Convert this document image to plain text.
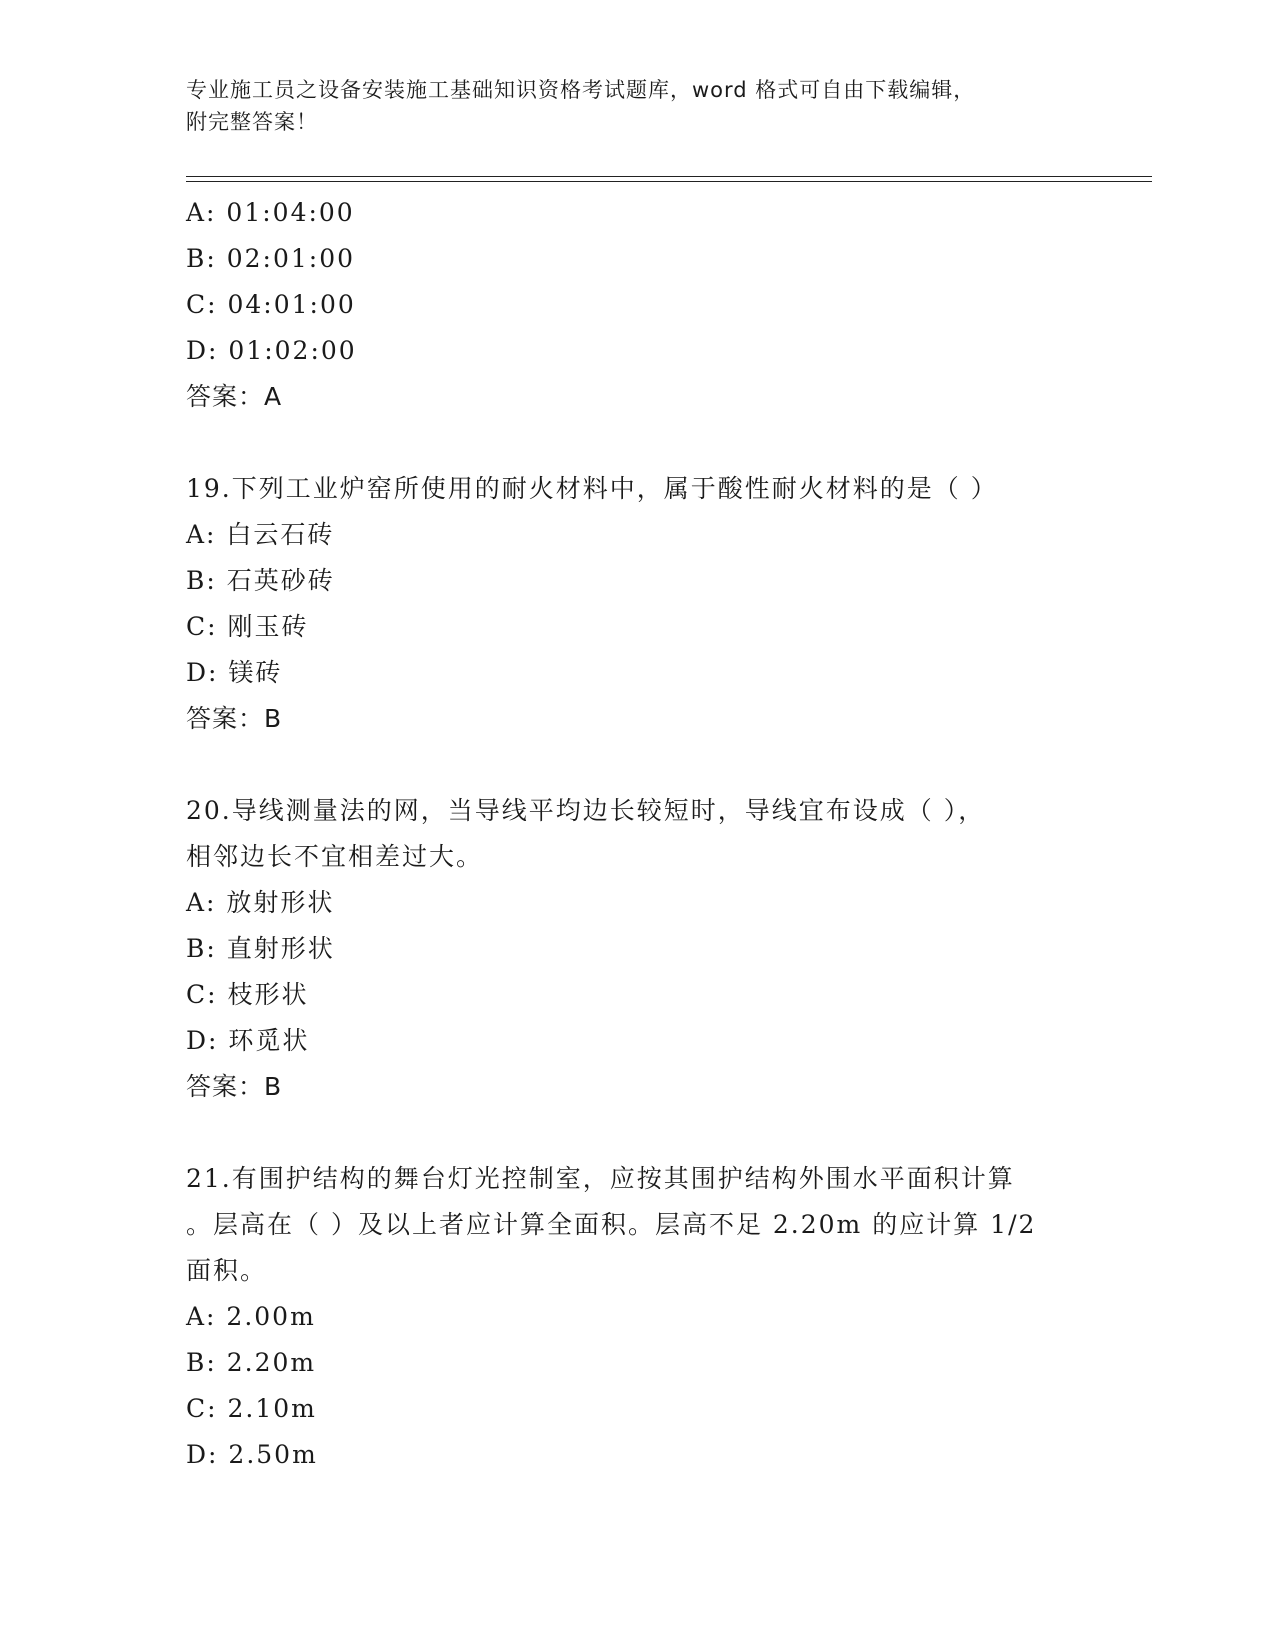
专业施工员之设备安装施工基础知识资格考试题库，word 格式可自由下载编辑，
附完整答案！
A: 01:04:00
B: 02:01:00
C: 04:01:00
D: 01:02:00
答案：A
19.下列工业炉窑所使用的耐火材料中，属于酸性耐火材料的是（ ）
A: 白云石砖
B: 石英砂砖
C: 刚玉砖
D: 镁砖
答案：B
20.导线测量法的网，当导线平均边长较短时，导线宜布设成（ ），
相邻边长不宜相差过大。
A: 放射形状
B: 直射形状
C: 枝形状
D: 环觅状
答案：B
21.有围护结构的舞台灯光控制室，应按其围护结构外围水平面积计算
。层高在（ ）及以上者应计算全面积。层高不足 2.20m 的应计算 1/2
面积。
A: 2.00m
B: 2.20m
C: 2.10m
D: 2.50m
